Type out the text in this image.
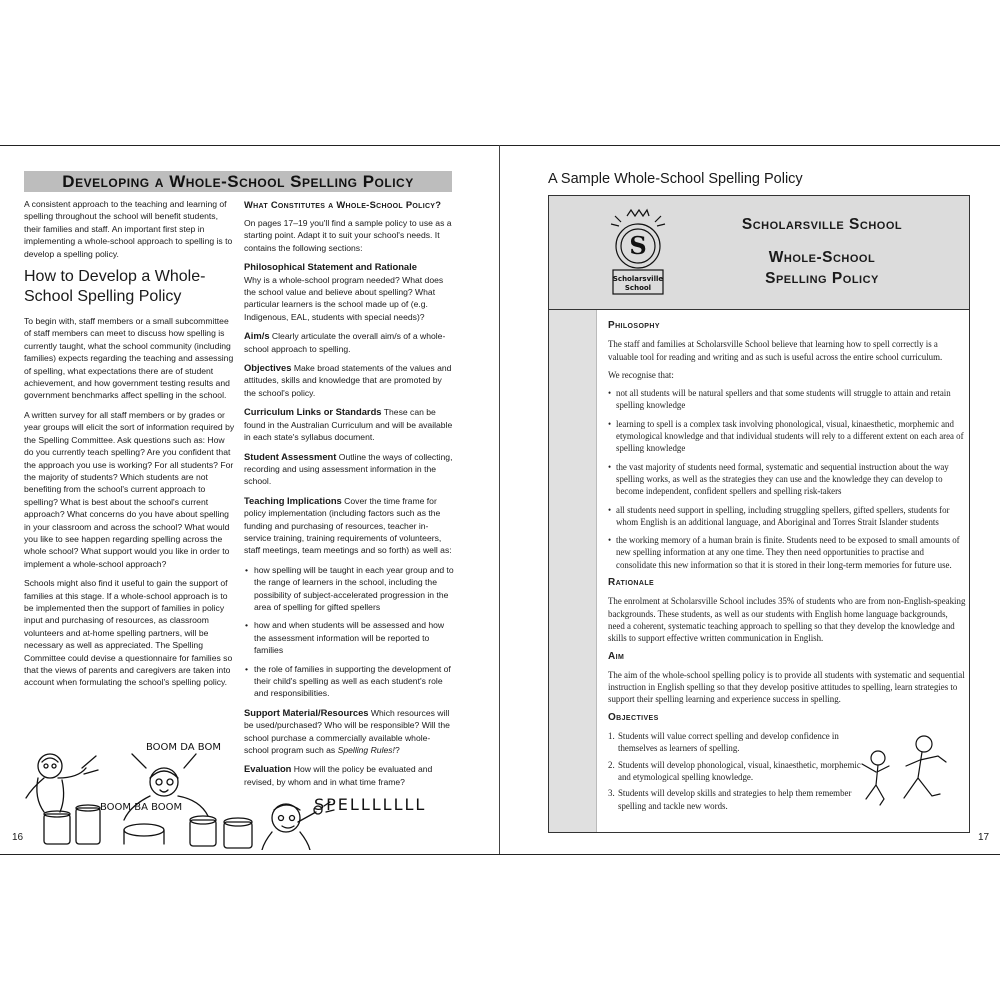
Developing a Whole-School Spelling Policy

A consistent approach to the teaching and learning of spelling throughout the school will benefit students, their families and staff. An important first step in implementing a whole-school approach to spelling is to develop a spelling policy.

How to Develop a Whole-School Spelling Policy

To begin with, staff members or a small subcommittee of staff members can meet to discuss how spelling is currently taught, what the school community (including families) expects regarding the teaching and assessing of spelling, what expectations there are of student achievement, and how government testing results and government benchmarks affect spelling in the school.

A written survey for all staff members or by grades or year groups will elicit the sort of information required by the Spelling Committee. Ask questions such as: How do you currently teach spelling? Are you confident that the approach you use is working? For all students? For the majority of students? Which students are not benefiting from the school's current approach to spelling? What is best about the school's current approach? What concerns do you have about spelling in your classroom and across the school? What would you like to see happen regarding spelling across the whole school? What support would you like in order to implement a whole-school approach?

Schools might also find it useful to gain the support of families at this stage. If a whole-school approach is to be implemented then the support of families in policy input and purchasing of resources, as classroom volunteers and at-home spelling partners, will be necessary as well as appreciated. The Spelling Committee could devise a questionnaire for families so that the views of parents and caregivers are taken into account when formulating the school's spelling policy.

What Constitutes a Whole-School Policy?

On pages 17–19 you'll find a sample policy to use as a starting point. Adapt it to suit your school's needs. It contains the following sections:

Philosophical Statement and Rationale
Why is a whole-school program needed? What does the school value and believe about spelling? What particular learners is the school made up of (e.g. Indigenous, EAL, students with special needs)?

Aim/s Clearly articulate the overall aim/s of a whole-school approach to spelling.

Objectives Make broad statements of the values and attitudes, skills and knowledge that are promoted by the school's policy.

Curriculum Links or Standards These can be found in the Australian Curriculum and will be available in each state's syllabus document.

Student Assessment Outline the ways of collecting, recording and using assessment information in the school.

Teaching Implications Cover the time frame for policy implementation (including factors such as the funding and purchasing of resources, teacher in-service training, training requirements of volunteers, staff meetings, team meetings and so forth) as well as:

• how spelling will be taught in each year group and to the range of learners in the school, including the possibility of subject-accelerated progression in the area of spelling for gifted spellers
• how and when students will be assessed and how the assessment information will be reported to families
• the role of families in supporting the development of their child's spelling as well as each student's role and responsibilities.

Support Material/Resources Which resources will be used/purchased? Who will be responsible? Will the school purchase a commercially available whole-school program such as Spelling Rules!?

Evaluation How will the policy be evaluated and revised, by whom and in what time frame?

BOOM DA BOM
BOOM BA BOOM	SPELLLLLLL
16
A Sample Whole-School Spelling Policy
S
Scholarsville
School
Scholarsville School
Whole-School
Spelling Policy
Philosophy

The staff and families at Scholarsville School believe that learning how to spell correctly is a valuable tool for reading and writing and as such is useful across the entire school curriculum.

We recognise that:

• not all students will be natural spellers and that some students will struggle to attain and retain spelling knowledge
• learning to spell is a complex task involving phonological, visual, kinaesthetic, morphemic and etymological knowledge and that individual students will rely to a different extent on each area of spelling knowledge
• the vast majority of students need formal, systematic and sequential instruction about the way spelling works, as well as the strategies they can use and the knowledge they can develop to become independent, confident spellers and spelling risk-takers
• all students need support in spelling, including struggling spellers, gifted spellers, students for whom English is an additional language, and Aboriginal and Torres Strait Islander students
• the working memory of a human brain is finite. Students need to be exposed to small amounts of new spelling information at any one time. They then need opportunities to practise and consolidate this new information so that it is stored in their long-term memories for future use.
Rationale

The enrolment at Scholarsville School includes 35% of students who are from non-English-speaking backgrounds. These students, as well as our students with English home language backgrounds, need a coherent, systematic teaching approach to spelling so that they develop the knowledge and skills to support effective written communication in English.

Aim

The aim of the whole-school spelling policy is to provide all students with systematic and sequential instruction in English spelling so that they develop positive attitudes to spelling, learn strategies to support their spelling learning and experience success in spelling.

Objectives
1. Students will value correct spelling and develop confidence in themselves as learners of spelling.
2. Students will develop phonological, visual, kinaesthetic, morphemic and etymological spelling knowledge.
3. Students will develop skills and strategies to help them remember spelling and tackle new words.
17
